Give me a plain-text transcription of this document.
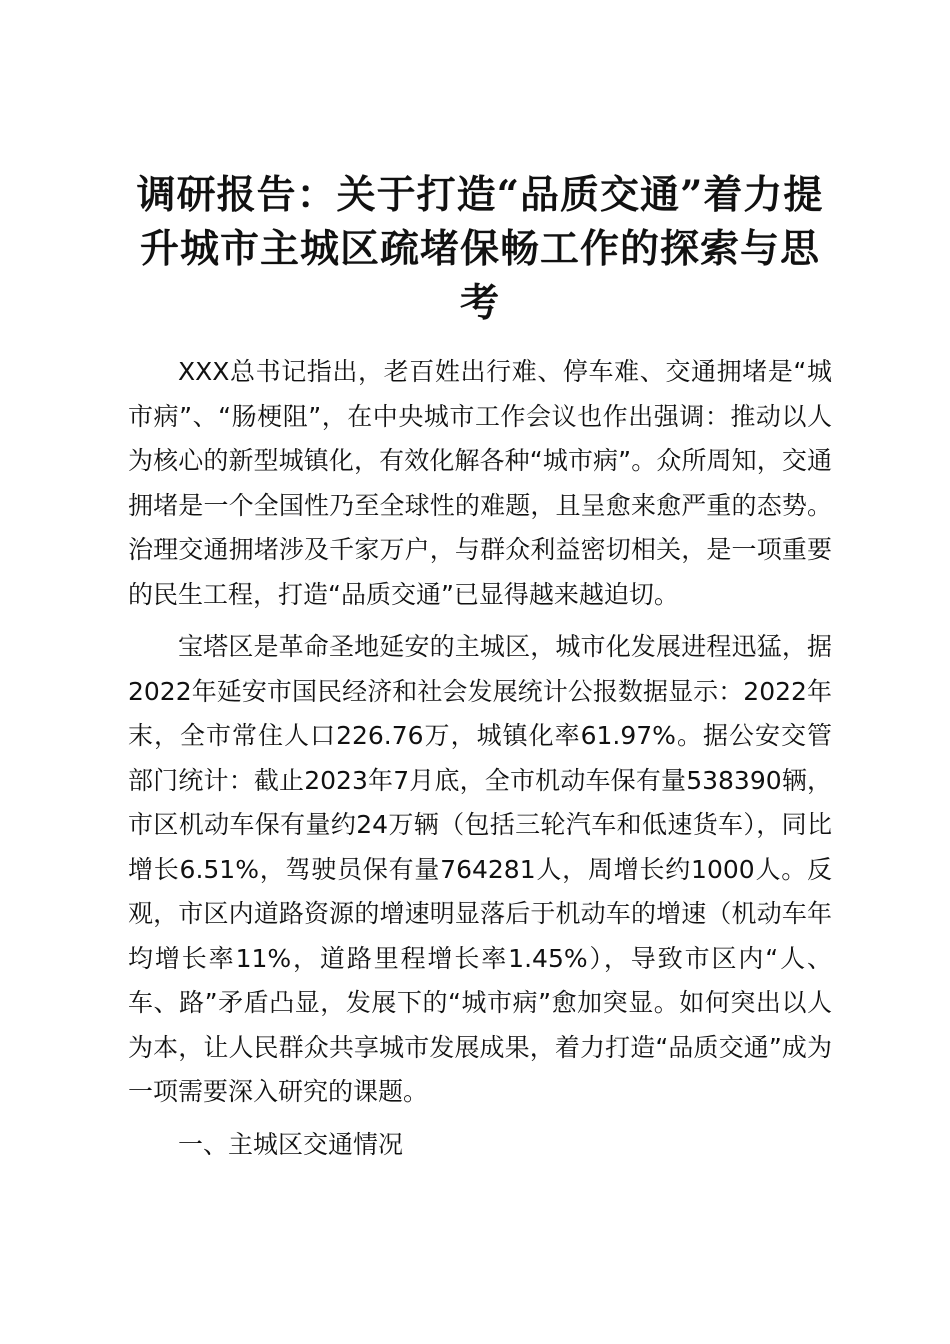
调研报告：关于打造“品质交通”着力提升城市主城区疏堵保畅工作的探索与思考

XXX总书记指出，老百姓出行难、停车难、交通拥堵是“城市病”、“肠梗阻”，在中央城市工作会议也作出强调：推动以人为核心的新型城镇化，有效化解各种“城市病”。众所周知，交通拥堵是一个全国性乃至全球性的难题，且呈愈来愈严重的态势。治理交通拥堵涉及千家万户，与群众利益密切相关，是一项重要的民生工程，打造“品质交通”已显得越来越迫切。

宝塔区是革命圣地延安的主城区，城市化发展进程迅猛，据2022年延安市国民经济和社会发展统计公报数据显示：2022年末，全市常住人口226.76万，城镇化率61.97%。据公安交管部门统计：截止2023年7月底，全市机动车保有量538390辆，市区机动车保有量约24万辆（包括三轮汽车和低速货车），同比增长6.51%，驾驶员保有量764281人，周增长约1000人。反观，市区内道路资源的增速明显落后于机动车的增速（机动车年均增长率11%，道路里程增长率1.45%），导致市区内“人、车、路”矛盾凸显，发展下的“城市病”愈加突显。如何突出以人为本，让人民群众共享城市发展成果，着力打造“品质交通”成为一项需要深入研究的课题。

一、主城区交通情况
